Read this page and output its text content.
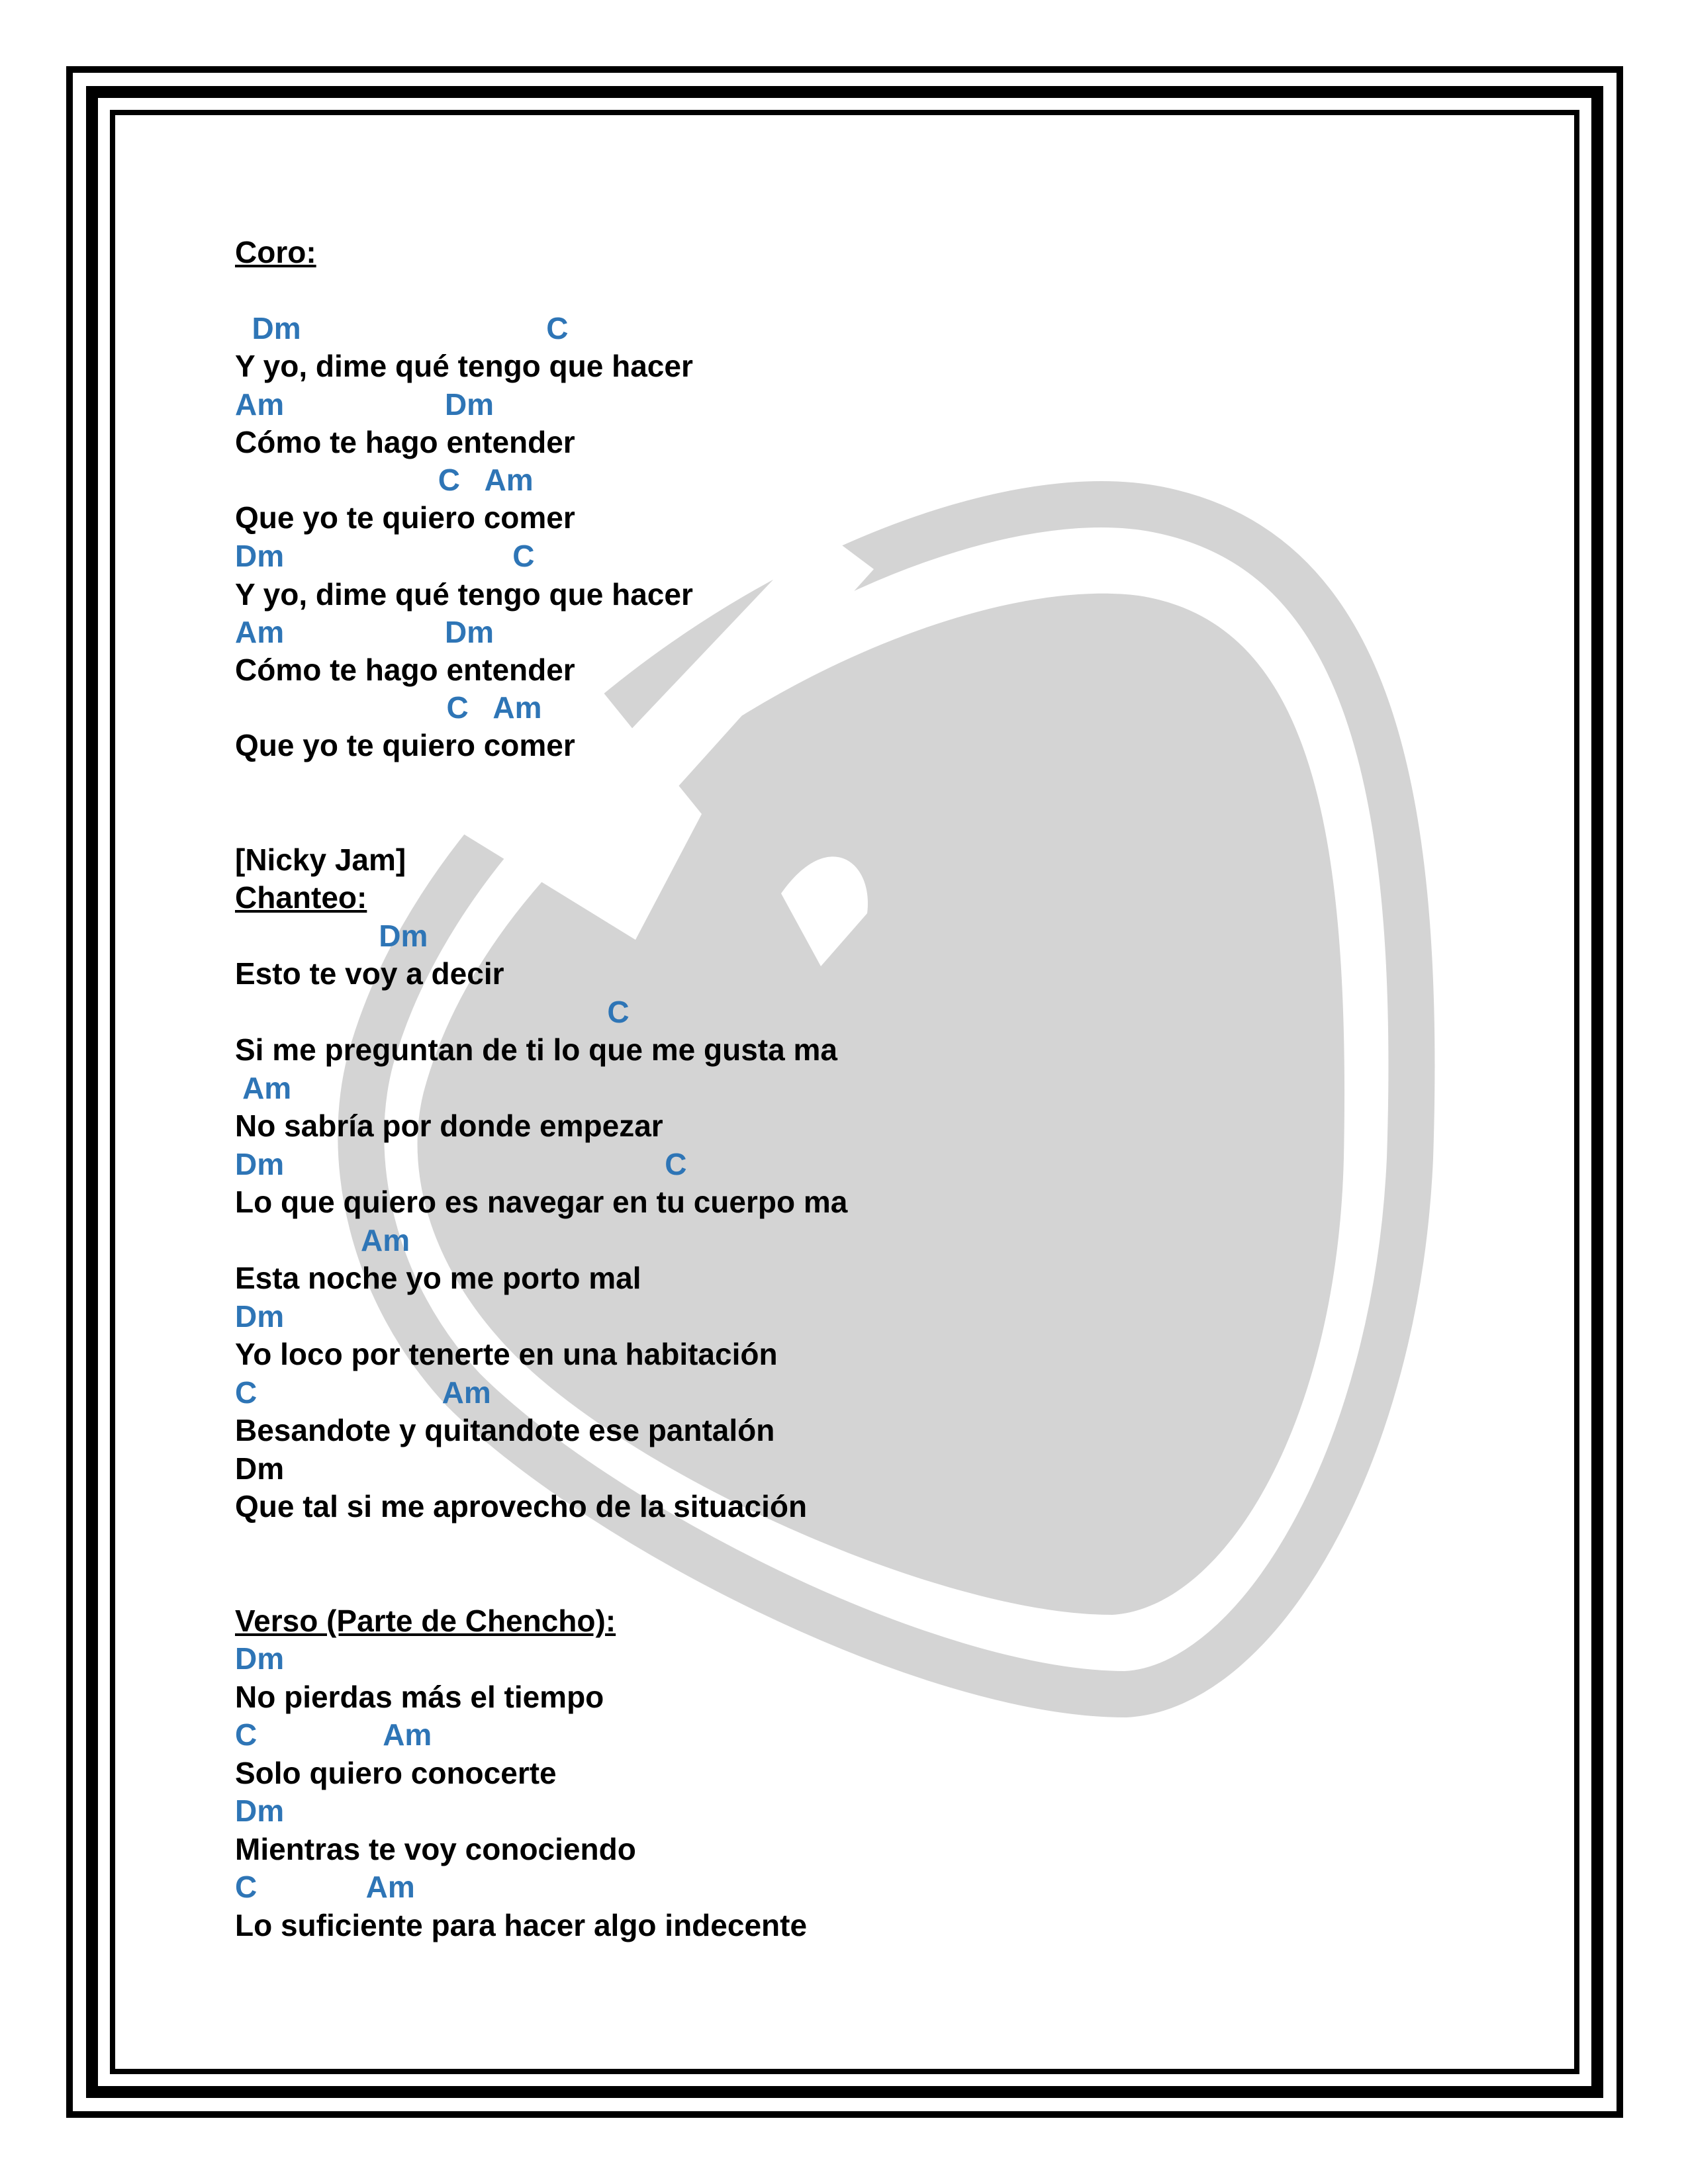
Coro:

Dm                             C

Y yo, dime qué tengo que hacer

Am                   Dm

Cómo te hago entender

C   Am

Que yo te quiero comer

Dm                           C

Y yo, dime qué tengo que hacer

Am                   Dm

Cómo te hago entender

C   Am

Que yo te quiero comer

[Nicky Jam]

Chanteo:

Dm

Esto te voy a decir

C

Si me preguntan de ti lo que me gusta ma

Am

No sabría por donde empezar

Dm                                             C

Lo que quiero es navegar en tu cuerpo ma

Am

Esta noche yo me porto mal

Dm

Yo loco por tenerte en una habitación

C                      Am

Besandote y quitandote ese pantalón

Dm

Que tal si me aprovecho de la situación

Verso (Parte de Chencho):

Dm

No pierdas más el tiempo

C               Am

Solo quiero conocerte

Dm

Mientras te voy conociendo

C             Am

Lo suficiente para hacer algo indecente
